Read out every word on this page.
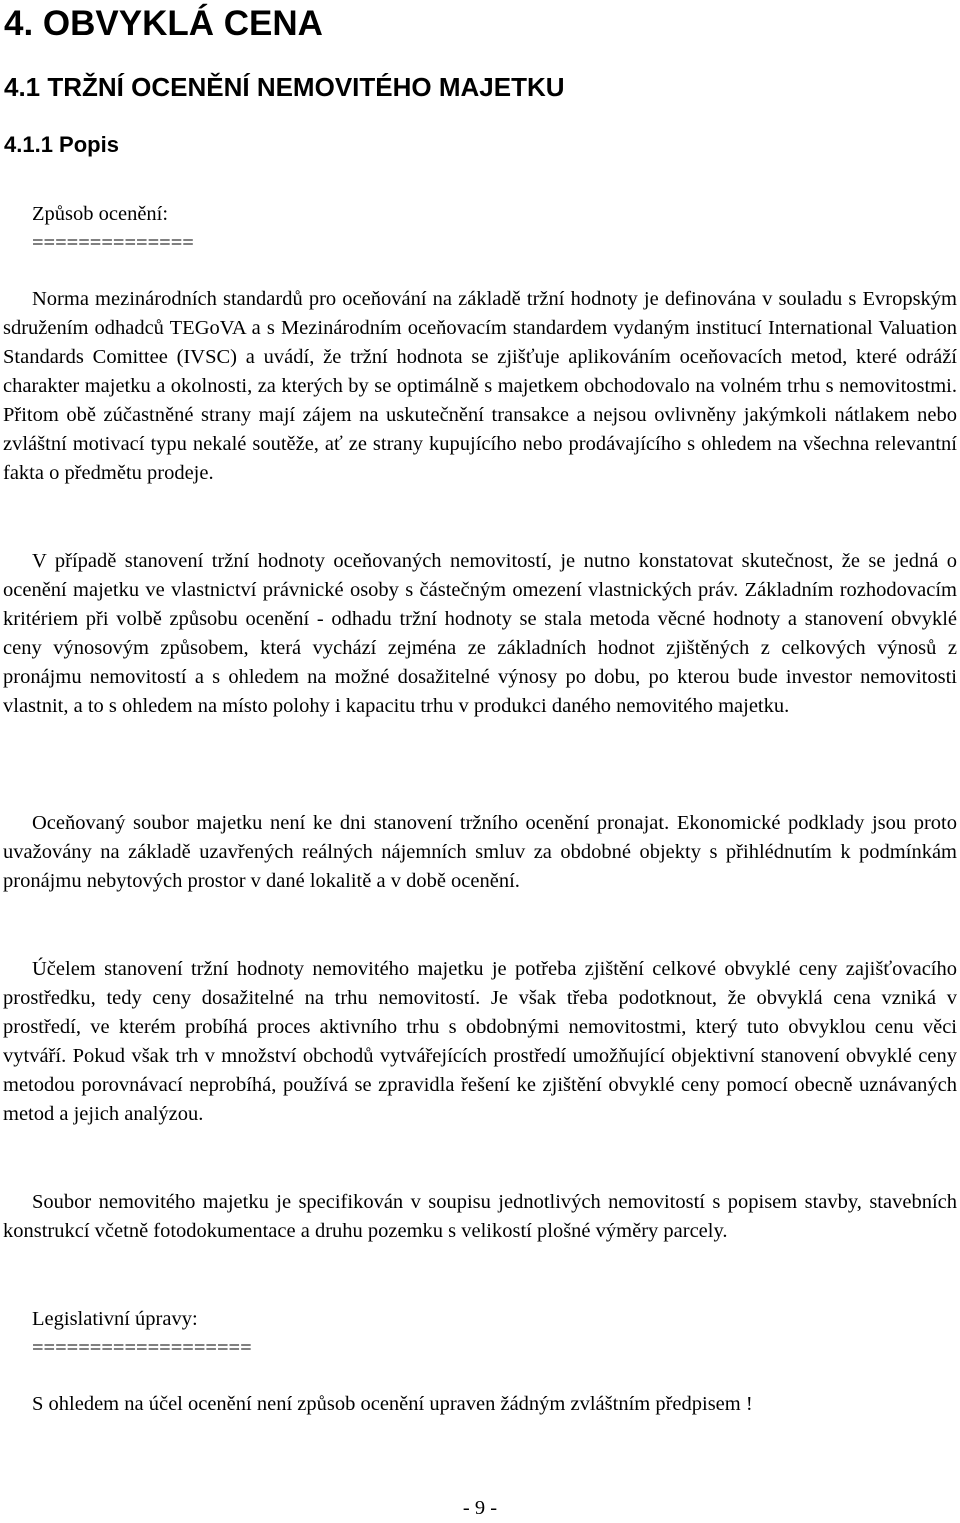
4. OBVYKLÁ CENA
4.1 TRŽNÍ OCENĚNÍ NEMOVITÉHO MAJETKU
4.1.1 Popis
Způsob ocenění:
==============

Norma mezinárodních standardů pro oceňování na základě tržní hodnoty je definována v souladu s Evropským sdružením odhadců TEGoVA a s Mezinárodním oceňovacím standardem vydaným institucí International Valuation Standards Comittee (IVSC) a uvádí, že tržní hodnota se zjišťuje aplikováním oceňovacích metod, které odráží charakter majetku a okolnosti, za kterých by se optimálně s majetkem obchodovalo na volném trhu s nemovitostmi. Přitom obě zúčastněné strany mají zájem na uskutečnění transakce a nejsou ovlivněny jakýmkoli nátlakem nebo zvláštní motivací typu nekalé soutěže, ať ze strany kupujícího nebo prodávajícího s ohledem na všechna relevantní fakta o předmětu prodeje.

V případě stanovení tržní hodnoty oceňovaných nemovitostí, je nutno konstatovat skutečnost, že se jedná o ocenění majetku ve vlastnictví právnické osoby s částečným omezení vlastnických práv. Základním rozhodovacím kritériem při volbě způsobu ocenění - odhadu tržní hodnoty se stala metoda věcné hodnoty a stanovení obvyklé ceny výnosovým způsobem, která vychází zejména ze základních hodnot zjištěných z celkových výnosů z pronájmu nemovitostí a s ohledem na možné dosažitelné výnosy po dobu, po kterou bude investor nemovitosti vlastnit, a to s ohledem na místo polohy i kapacitu trhu v produkci daného nemovitého majetku.

Oceňovaný soubor majetku není ke dni stanovení tržního ocenění pronajat. Ekonomické podklady jsou proto uvažovány na základě uzavřených reálných nájemních smluv za obdobné objekty s přihlédnutím k podmínkám pronájmu nebytových prostor v dané lokalitě a v době ocenění.

Účelem stanovení tržní hodnoty nemovitého majetku je potřeba zjištění celkové obvyklé ceny zajišťovacího prostředku, tedy ceny dosažitelné na trhu nemovitostí. Je však třeba podotknout, že obvyklá cena vzniká v prostředí, ve kterém probíhá proces aktivního trhu s obdobnými nemovitostmi, který tuto obvyklou cenu věci vytváří. Pokud však trh v množství obchodů vytvářejících prostředí umožňující objektivní stanovení obvyklé ceny metodou porovnávací neprobíhá, používá se zpravidla řešení ke zjištění obvyklé ceny pomocí obecně uznávaných metod a jejich analýzou.

Soubor nemovitého majetku je specifikován v soupisu jednotlivých nemovitostí s popisem stavby, stavebních konstrukcí včetně fotodokumentace a druhu pozemku s velikostí plošné výměry parcely.

Legislativní úpravy:
===================
S ohledem na účel ocenění není způsob ocenění upraven žádným zvláštním předpisem !
- 9 -
